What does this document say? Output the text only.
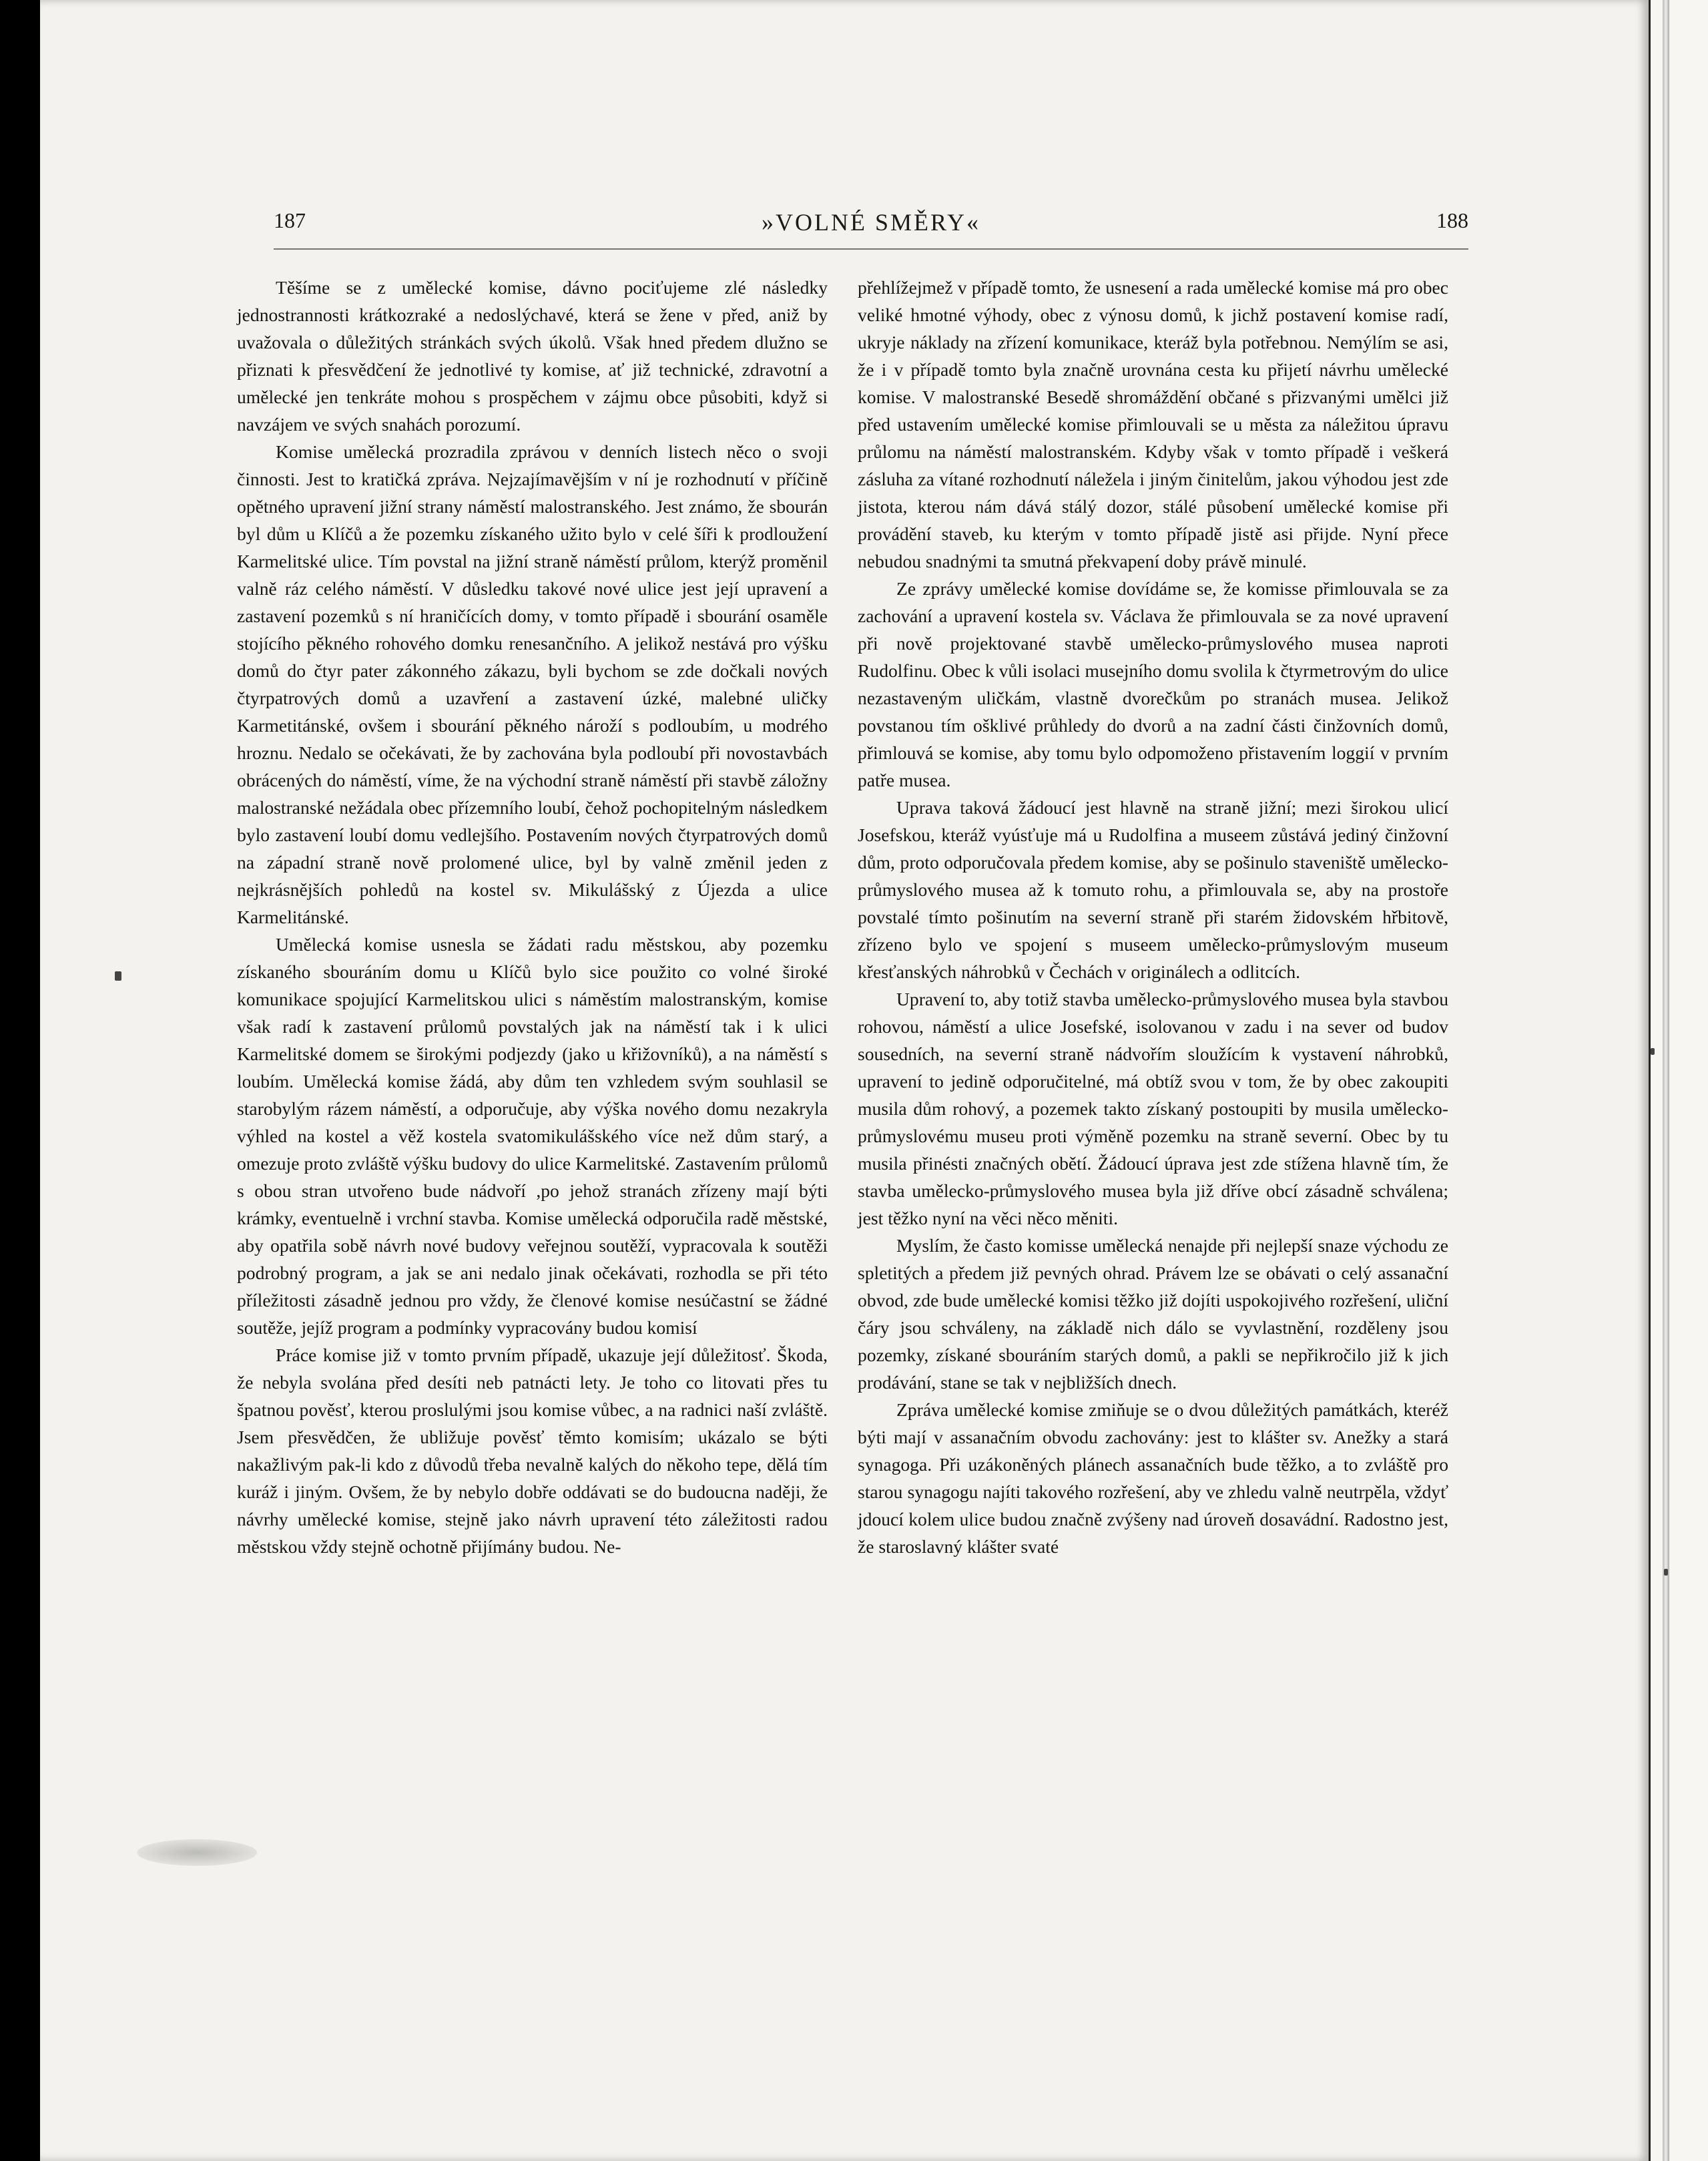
187	»VOLNÉ SMĚRY«	188

Těšíme se z umělecké komise, dávno pociťujeme zlé následky jednostrannosti krátkozraké a nedoslýchavé, která se žene v před, aniž by uvažovala o důležitých stránkách svých úkolů. Však hned předem dlužno se přiznati k přesvědčení že jednotlivé ty komise, ať již technické, zdravotní a umělecké jen tenkráte mohou s prospěchem v zájmu obce působiti, když si navzájem ve svých snahách porozumí.

Komise umělecká prozradila zprávou v denních listech něco o svoji činnosti. Jest to kratičká zpráva. Nejzajímavějším v ní je rozhodnutí v příčině opětného upravení jižní strany náměstí malostranského. Jest známo, že sbourán byl dům u Klíčů a že pozemku získaného užito bylo v celé šíři k prodloužení Karmelitské ulice. Tím povstal na jižní straně náměstí průlom, kterýž proměnil valně ráz celého náměstí. V důsledku takové nové ulice jest její upravení a zastavení pozemků s ní hraničících domy, v tomto případě i sbourání osaměle stojícího pěkného rohového domku renesančního. A jelikož nestává pro výšku domů do čtyr pater zákonného zákazu, byli bychom se zde dočkali nových čtyrpatrových domů a uzavření a zastavení úzké, malebné uličky Karmetitánské, ovšem i sbourání pěkného nároží s podloubím, u modrého hroznu. Nedalo se očekávati, že by zachována byla podloubí při novostavbách obrácených do náměstí, víme, že na východní straně náměstí při stavbě záložny malostranské nežádala obec přízemního loubí, čehož pochopitelným následkem bylo zastavení loubí domu vedlejšího. Postavením nových čtyrpatrových domů na západní straně nově prolomené ulice, byl by valně změnil jeden z nejkrásnějších pohledů na kostel sv. Mikulášský z Újezda a ulice Karmelitánské.

Umělecká komise usnesla se žádati radu městskou, aby pozemku získaného sbouráním domu u Klíčů bylo sice použito co volné široké komunikace spojující Karmelitskou ulici s náměstím malostranským, komise však radí k zastavení průlomů povstalých jak na náměstí tak i k ulici Karmelitské domem se širokými podjezdy (jako u křižovníků), a na náměstí s loubím. Umělecká komise žádá, aby dům ten vzhledem svým souhlasil se starobylým rázem náměstí, a odporučuje, aby výška nového domu nezakryla výhled na kostel a věž kostela svatomikulášského více než dům starý, a omezuje proto zvláště výšku budovy do ulice Karmelitské. Zastavením průlomů s obou stran utvořeno bude nádvoří ,po jehož stranách zřízeny mají býti krámky, eventuelně i vrchní stavba. Komise umělecká odporučila radě městské, aby opatřila sobě návrh nové budovy veřejnou soutěží, vypracovala k soutěži podrobný program, a jak se ani nedalo jinak očekávati, rozhodla se při této příležitosti zásadně jednou pro vždy, že členové komise nesúčastní se žádné soutěže, jejíž program a podmínky vypracovány budou komisí

Práce komise již v tomto prvním případě, ukazuje její důležitosť. Škoda, že nebyla svolána před desíti neb patnácti lety. Je toho co litovati přes tu špatnou pověsť, kterou proslulými jsou komise vůbec, a na radnici naší zvláště. Jsem přesvědčen, že ubližuje pověsť těmto komisím; ukázalo se býti nakažlivým pak-li kdo z důvodů třeba nevalně kalých do někoho tepe, dělá tím kuráž i jiným. Ovšem, že by nebylo dobře oddávati se do budoucna naději, že návrhy umělecké komise, stejně jako návrh upravení této záležitosti radou městskou vždy stejně ochotně přijímány budou. Ne-

přehlížejmež v případě tomto, že usnesení a rada umělecké komise má pro obec veliké hmotné výhody, obec z výnosu domů, k jichž postavení komise radí, ukryje náklady na zřízení komunikace, kteráž byla potřebnou. Nemýlím se asi, že i v případě tomto byla značně urovnána cesta ku přijetí návrhu umělecké komise. V malostranské Besedě shromáždění občané s přizvanými umělci již před ustavením umělecké komise přimlouvali se u města za náležitou úpravu průlomu na náměstí malostranském. Kdyby však v tomto případě i veškerá zásluha za vítané rozhodnutí náležela i jiným činitelům, jakou výhodou jest zde jistota, kterou nám dává stálý dozor, stálé působení umělecké komise při provádění staveb, ku kterým v tomto případě jistě asi přijde. Nyní přece nebudou snadnými ta smutná překvapení doby právě minulé.

Ze zprávy umělecké komise dovídáme se, že komisse přimlouvala se za zachování a upravení kostela sv. Václava že přimlouvala se za nové upravení při nově projektované stavbě umělecko-průmyslového musea naproti Rudolfinu. Obec k vůli isolaci musejního domu svolila k čtyrmetrovým do ulice nezastaveným uličkám, vlastně dvorečkům po stranách musea. Jelikož povstanou tím ošklivé průhledy do dvorů a na zadní části činžovních domů, přimlouvá se komise, aby tomu bylo odpomoženo přistavením loggií v prvním patře musea.

Uprava taková žádoucí jest hlavně na straně jižní; mezi širokou ulicí Josefskou, kteráž vyúsťuje má u Rudolfina a museem zůstává jediný činžovní dům, proto odporučovala předem komise, aby se pošinulo staveniště umělecko-průmyslového musea až k tomuto rohu, a přimlouvala se, aby na prostoře povstalé tímto pošinutím na severní straně při starém židovském hřbitově, zřízeno bylo ve spojení s museem umělecko-průmyslovým museum křesťanských náhrobků v Čechách v originálech a odlitcích.

Upravení to, aby totiž stavba umělecko-průmyslového musea byla stavbou rohovou, náměstí a ulice Josefské, isolovanou v zadu i na sever od budov sousedních, na severní straně nádvořím sloužícím k vystavení náhrobků, upravení to jedině odporučitelné, má obtíž svou v tom, že by obec zakoupiti musila dům rohový, a pozemek takto získaný postoupiti by musila umělecko-průmyslovému museu proti výměně pozemku na straně severní. Obec by tu musila přinésti značných obětí. Žádoucí úprava jest zde stížena hlavně tím, že stavba umělecko-průmyslového musea byla již dříve obcí zásadně schválena; jest těžko nyní na věci něco měniti.

Myslím, že často komisse umělecká nenajde při nejlepší snaze východu ze spletitých a předem již pevných ohrad. Právem lze se obávati o celý assanační obvod, zde bude umělecké komisi těžko již dojíti uspokojivého rozřešení, uliční čáry jsou schváleny, na základě nich dálo se vyvlastnění, rozděleny jsou pozemky, získané sbouráním starých domů, a pakli se nepřikročilo již k jich prodávání, stane se tak v nejbližších dnech.

Zpráva umělecké komise zmiňuje se o dvou důležitých památkách, kteréž býti mají v assanačním obvodu zachovány: jest to klášter sv. Anežky a stará synagoga. Při uzákoněných plánech assanačních bude těžko, a to zvláště pro starou synagogu najíti takového rozřešení, aby ve zhledu valně neutrpěla, vždyť jdoucí kolem ulice budou značně zvýšeny nad úroveň dosavádní. Radostno jest, že staroslavný klášter svaté
